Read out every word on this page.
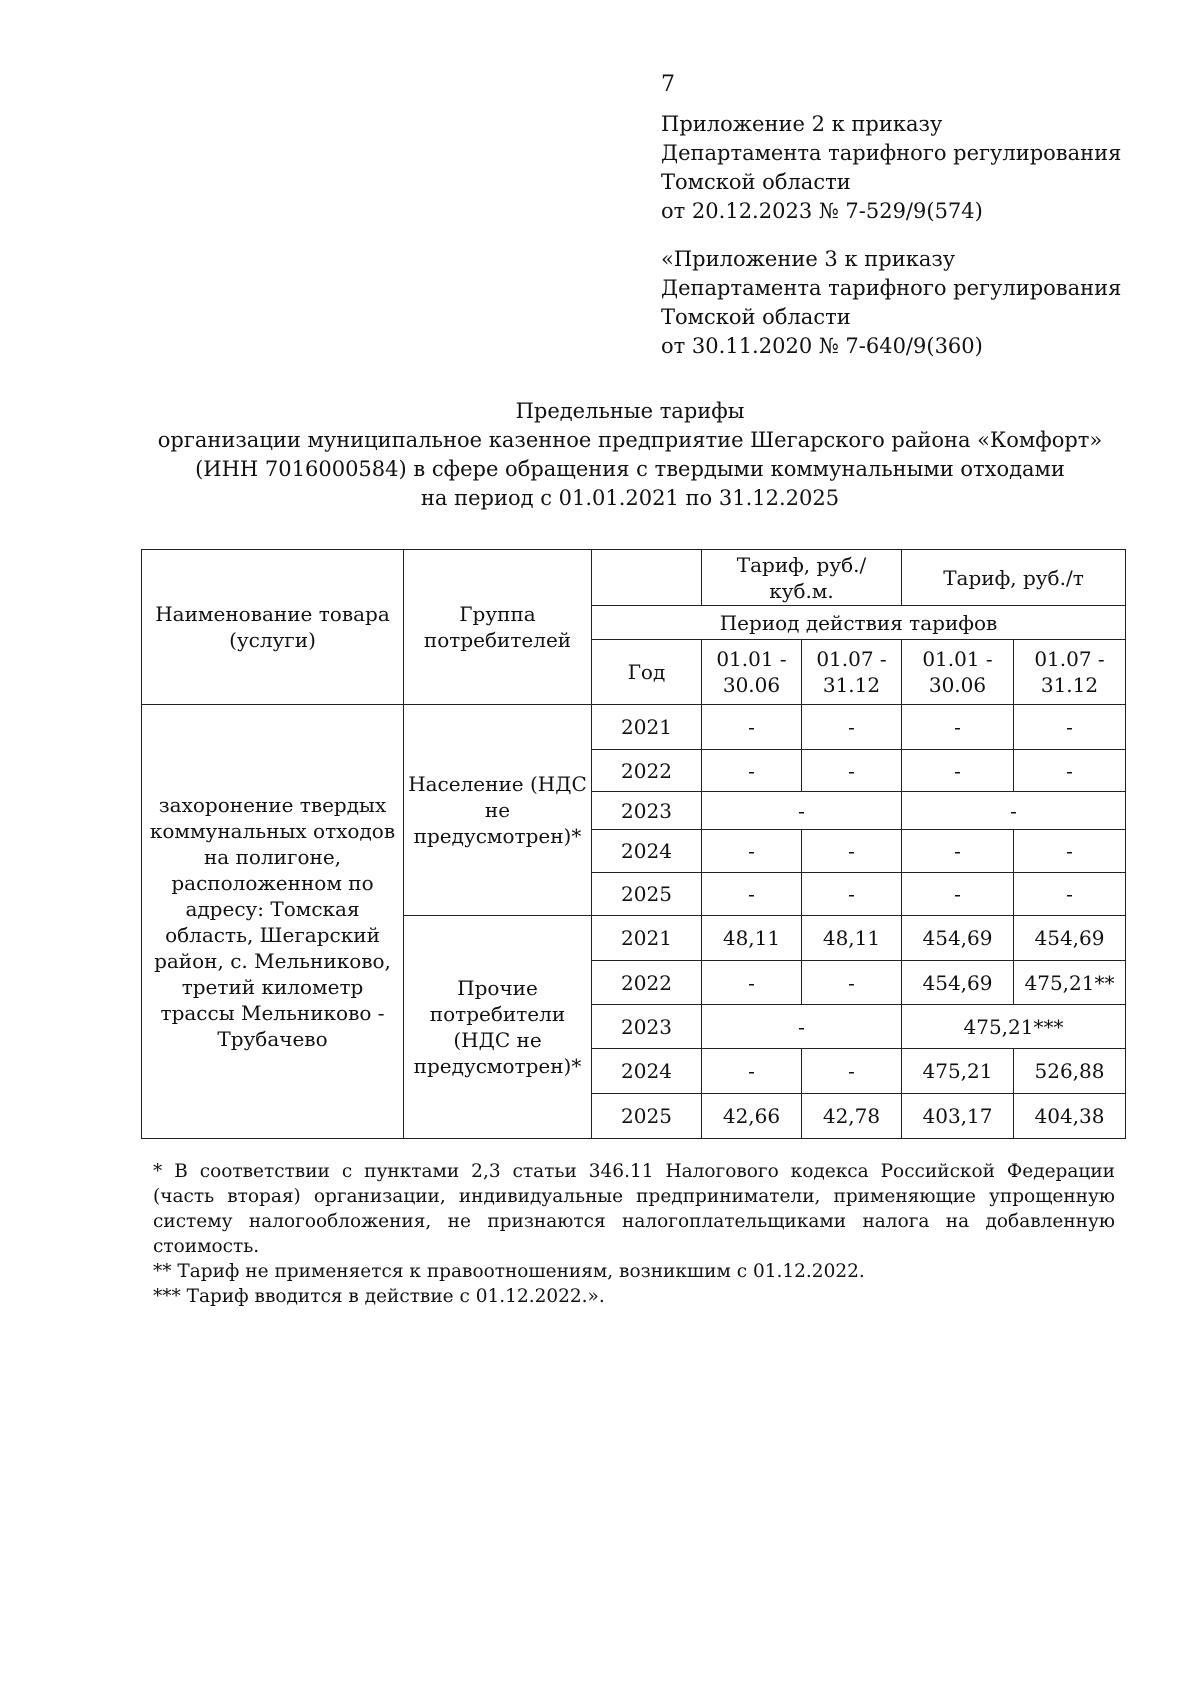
7
Приложение 2 к приказу
Департамента тарифного регулирования
Томской области
от 20.12.2023 № 7-529/9(574)
«Приложение 3 к приказу
Департамента тарифного регулирования
Томской области
от 30.11.2020 № 7-640/9(360)
Предельные тарифы
организации муниципальное казенное предприятие Шегарского района «Комфорт»
(ИНН 7016000584) в сфере обращения с твердыми коммунальными отходами
на период с 01.01.2021 по 31.12.2025
Наименование товара (услуги)	Группа потребителей		Тариф, руб./куб.м.		Тариф, руб./т	
		Период действия тарифов				
		Год	01.01 - 30.06	01.07 - 31.12	01.01 - 30.06	01.07 - 31.12
захоронение твердых коммунальных отходов на полигоне, расположенном по адресу: Томская область, Шегарский район, с. Мельниково, третий километр трассы Мельниково - Трубачево	Население (НДС не предусмотрен)*	2021	-	-	-	-
		2022	-	-	-	-
		2023	-		-	
		2024	-	-	-	-
		2025	-	-	-	-
	Прочие потребители (НДС не предусмотрен)*	2021	48,11	48,11	454,69	454,69
		2022	-	-	454,69	475,21**
		2023	-		475,21***	
		2024	-	-	475,21	526,88
		2025	42,66	42,78	403,17	404,38
* В соответствии с пунктами 2,3 статьи 346.11 Налогового кодекса Российской Федерации (часть вторая) организации, индивидуальные предприниматели, применяющие упрощенную систему налогообложения, не признаются налогоплательщиками налога на добавленную стоимость.
** Тариф не применяется к правоотношениям, возникшим с 01.12.2022.
*** Тариф вводится в действие с 01.12.2022.».
